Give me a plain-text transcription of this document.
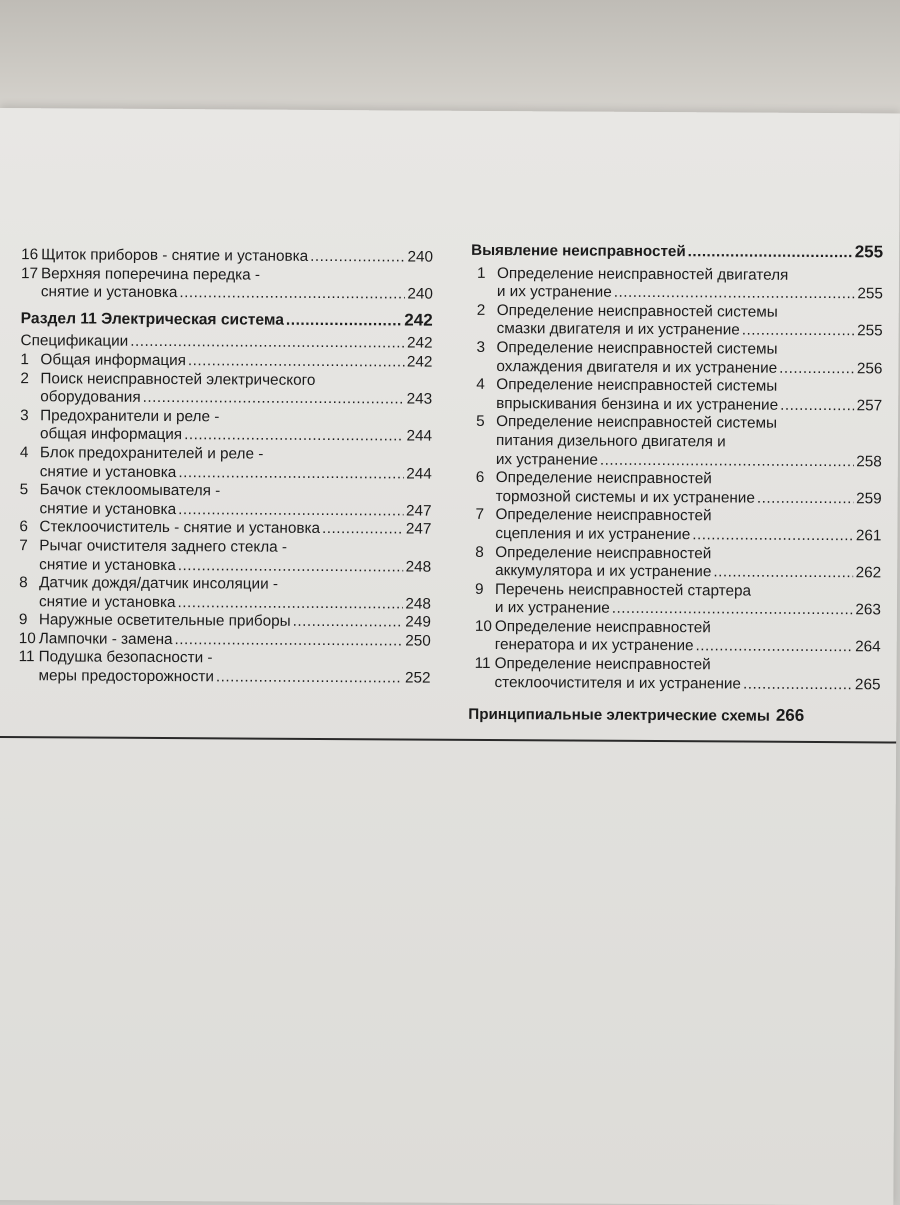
16 Щиток приборов - снятие и установка .....	240
17 Верхняя поперечина передка -
снятие и установка .....	240
Раздел 11 Электрическая система .....	242
Спецификации .....	242
1 Общая информация .....	242
2 Поиск неисправностей электрического
оборудования .....	243
3 Предохранители и реле -
общая информация .....	244
4 Блок предохранителей и реле -
снятие и установка .....	244
5 Бачок стеклоомывателя -
снятие и установка .....	247
6 Стеклоочиститель - снятие и установка .....	247
7 Рычаг очистителя заднего стекла -
снятие и установка .....	248
8 Датчик дождя/датчик инсоляции -
снятие и установка .....	248
9 Наружные осветительные приборы .....	249
10 Лампочки - замена .....	250
11 Подушка безопасности -
меры предосторожности .....	252
Выявление неисправностей .....	255
1 Определение неисправностей двигателя
и их устранение .....	255
2 Определение неисправностей системы
смазки двигателя и их устранение .....	255
3 Определение неисправностей системы
охлаждения двигателя и их устранение .....	256
4 Определение неисправностей системы
впрыскивания бензина и их устранение .....	257
5 Определение неисправностей системы
питания дизельного двигателя и
их устранение .....	258
6 Определение неисправностей
тормозной системы и их устранение .....	259
7 Определение неисправностей
сцепления и их устранение .....	261
8 Определение неисправностей
аккумулятора и их устранение .....	262
9 Перечень неисправностей стартера
и их устранение .....	263
10 Определение неисправностей
генератора и их устранение .....	264
11 Определение неисправностей
стеклоочистителя и их устранение .....	265
Принципиальные электрические схемы 266
